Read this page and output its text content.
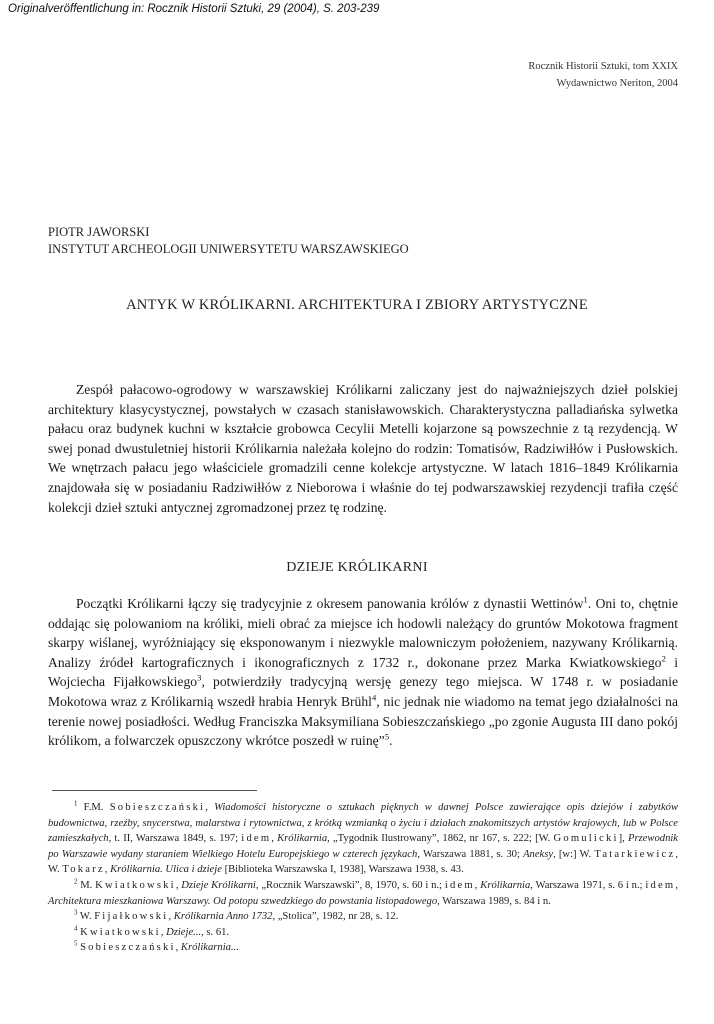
Originalveröffentlichung in: Rocznik Historii Sztuki, 29 (2004), S. 203-239
Rocznik Historii Sztuki, tom XXIX
Wydawnictwo Neriton, 2004
PIOTR JAWORSKI
INSTYTUT ARCHEOLOGII UNIWERSYTETU WARSZAWSKIEGO
ANTYK W KRÓLIKARNI. ARCHITEKTURA I ZBIORY ARTYSTYCZNE

Zespół pałacowo-ogrodowy w warszawskiej Królikarni zaliczany jest do najważniejszych dzieł polskiej architektury klasycystycznej, powstałych w czasach stanisławowskich. Charakterystyczna palladiańska sylwetka pałacu oraz budynek kuchni w kształcie grobowca Cecylii Metelli kojarzone są powszechnie z tą rezydencją. W swej ponad dwustuletniej historii Królikarnia należała kolejno do rodzin: Tomatisów, Radziwiłłów i Pusłowskich. We wnętrzach pałacu jego właściciele gromadzili cenne kolekcje artystyczne. W latach 1816–1849 Królikarnia znajdowała się w posiadaniu Radziwiłłów z Nieborowa i właśnie do tej podwarszawskiej rezydencji trafiła część kolekcji dzieł sztuki antycznej zgromadzonej przez tę rodzinę.

DZIEJE KRÓLIKARNI

Początki Królikarni łączy się tradycyjnie z okresem panowania królów z dynastii Wettinów$^1$. Oni to, chętnie oddając się polowaniom na króliki, mieli obrać za miejsce ich hodowli należący do gruntów Mokotowa fragment skarpy wiślanej, wyróżniający się eksponowanym i niezwykle malowniczym położeniem, nazywany Królikarnią. Analizy źródeł kartograficznych i ikonograficznych z 1732 r., dokonane przez Marka Kwiatkowskiego$^2$ i Wojciecha Fijałkowskiego$^3$, potwierdziły tradycyjną wersję genezy tego miejsca. W 1748 r. w posiadanie Mokotowa wraz z Królikarnią wszedł hrabia Henryk Brühl$^4$, nic jednak nie wiadomo na temat jego działalności na terenie nowej posiadłości. Według Franciszka Maksymiliana Sobieszczańskiego „po zgonie Augusta III dano pokój królikom, a folwarczek opuszczony wkrótce poszedł w ruinę”$^5$.

$^1$ F.M. Sobieszczański, Wiadomości historyczne o sztukach pięknych w dawnej Polsce zawierające opis dziejów i zabytków budownictwa, rzeźby, snycerstwa, malarstwa i rytownictwa, z krótką wzmianką o życiu i działach znakomitszych artystów krajowych, lub w Polsce zamieszkałych, t. II, Warszawa 1849, s. 197; idem, Królikarnia, „Tygodnik Ilustrowany”, 1862, nr 167, s. 222; [W. Gomulicki], Przewodnik po Warszawie wydany staraniem Wielkiego Hotelu Europejskiego w czterech językach, Warszawa 1881, s. 30; Aneksy, [w:] W. Tatarkiewicz, W. Tokarz, Królikarnia. Ulica i dzieje [Biblioteka Warszawska I, 1938], Warszawa 1938, s. 43.

$^2$ M. Kwiatkowski, Dzieje Królikarni, „Rocznik Warszawski”, 8, 1970, s. 60 i n.; idem, Królikarnia, Warszawa 1971, s. 6 i n.; idem, Architektura mieszkaniowa Warszawy. Od potopu szwedzkiego do powstania listopadowego, Warszawa 1989, s. 84 i n.

$^3$ W. Fijałkowski, Królikarnia Anno 1732, „Stolica”, 1982, nr 28, s. 12.

$^4$ Kwiatkowski, Dzieje..., s. 61.

$^5$ Sobieszczański, Królikarnia...
